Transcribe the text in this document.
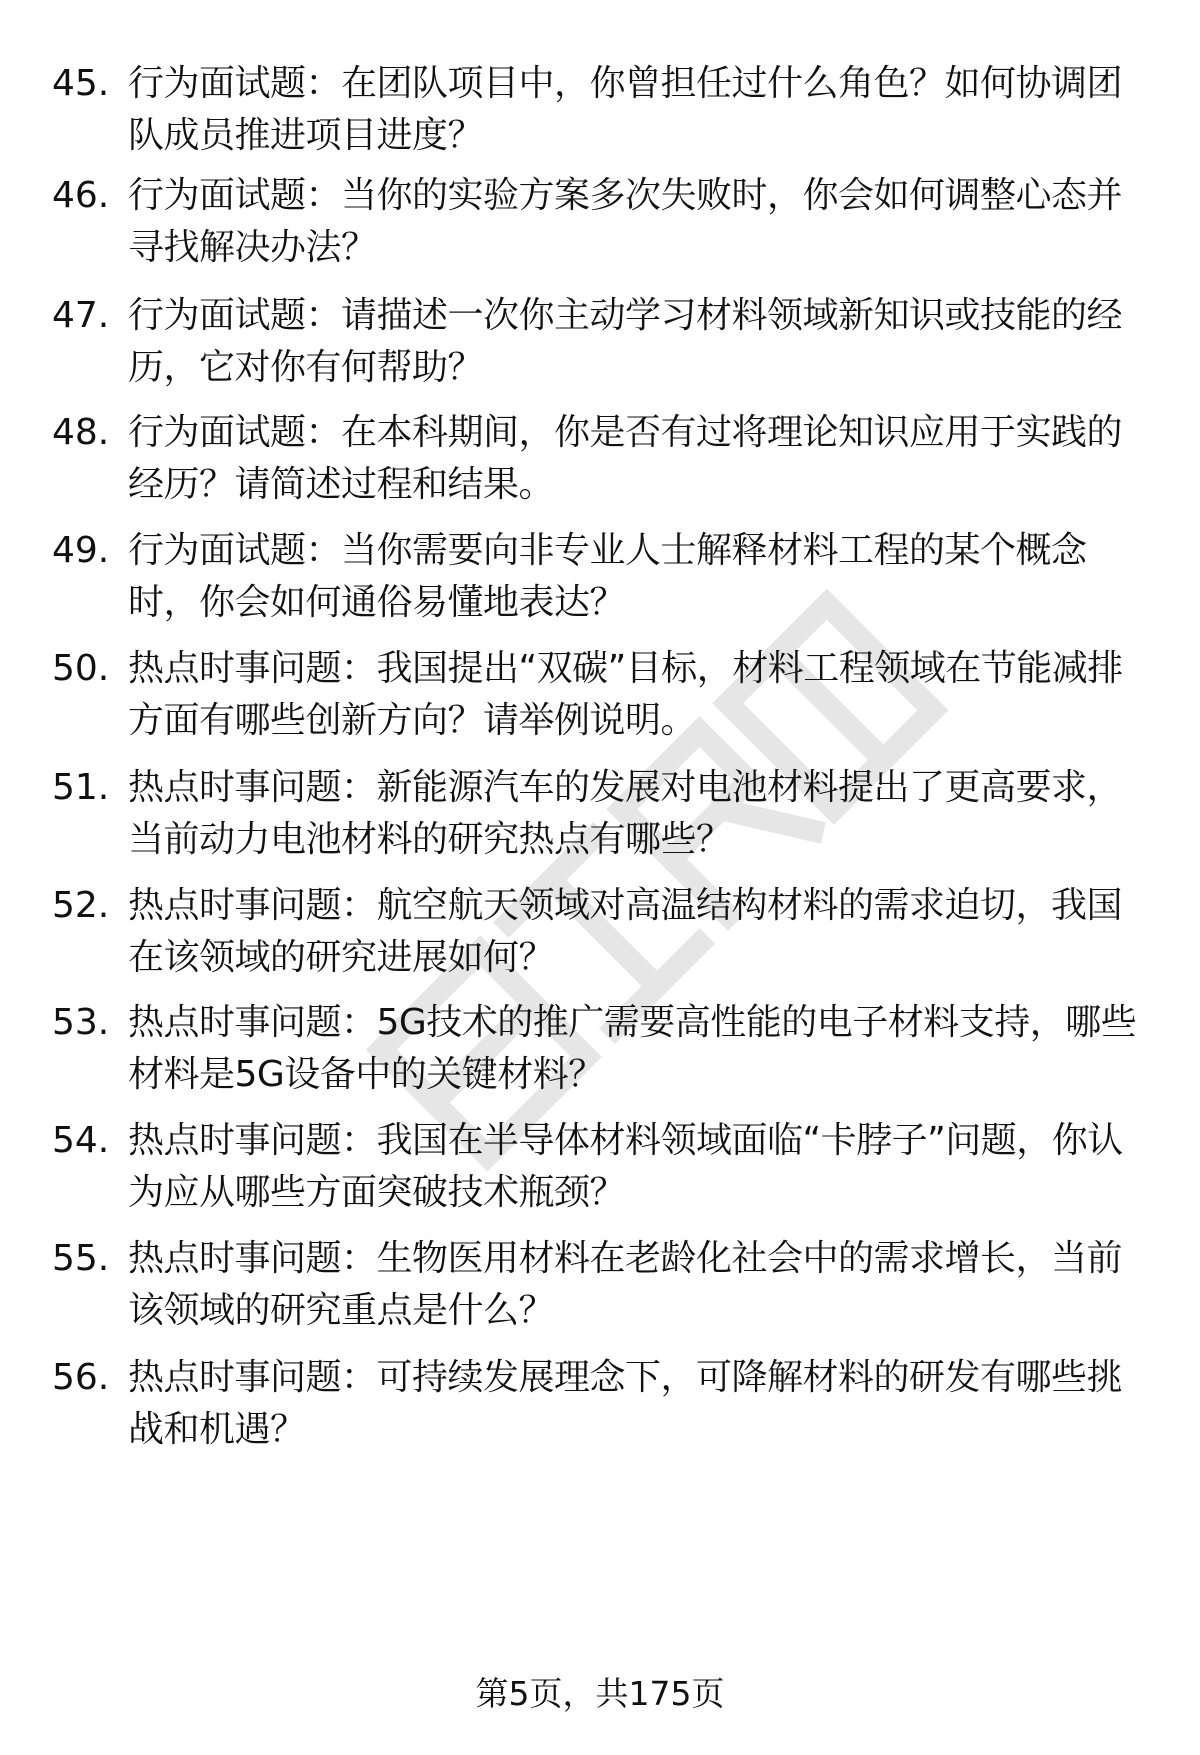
45. 行为面试题：在团队项目中，你曾担任过什么角色？如何协调团队成员推进项目进度？
46. 行为面试题：当你的实验方案多次失败时，你会如何调整心态并寻找解决办法？
47. 行为面试题：请描述一次你主动学习材料领域新知识或技能的经历，它对你有何帮助？
48. 行为面试题：在本科期间，你是否有过将理论知识应用于实践的经历？请简述过程和结果。
49. 行为面试题：当你需要向非专业人士解释材料工程的某个概念时，你会如何通俗易懂地表达？
50. 热点时事问题：我国提出“双碳”目标，材料工程领域在节能减排方面有哪些创新方向？请举例说明。
51. 热点时事问题：新能源汽车的发展对电池材料提出了更高要求，当前动力电池材料的研究热点有哪些？
52. 热点时事问题：航空航天领域对高温结构材料的需求迫切，我国在该领域的研究进展如何？
53. 热点时事问题：5G技术的推广需要高性能的电子材料支持，哪些材料是5G设备中的关键材料？
54. 热点时事问题：我国在半导体材料领域面临“卡脖子”问题，你认为应从哪些方面突破技术瓶颈？
55. 热点时事问题：生物医用材料在老龄化社会中的需求增长，当前该领域的研究重点是什么？
56. 热点时事问题：可持续发展理念下，可降解材料的研发有哪些挑战和机遇？
第5页，共175页
